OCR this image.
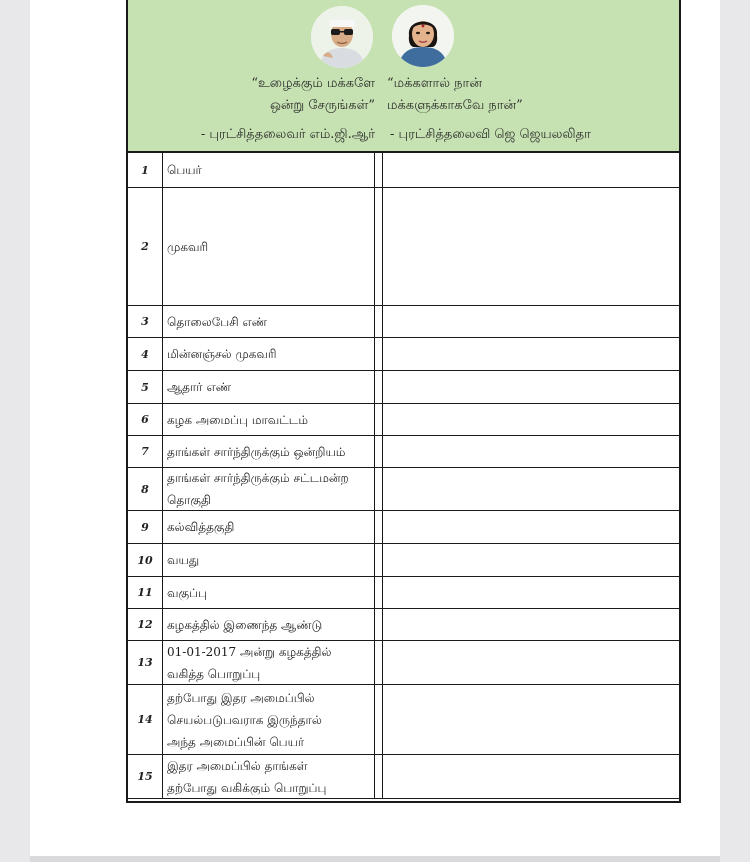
“உழைக்கும் மக்களே
ஒன்று சேருங்கள்”
“மக்களால் நான்
மக்களுக்காகவே நான்”
- புரட்சித்தலைவர் எம்.ஜி.ஆர் - புரட்சித்தலைவி ஜெ ஜெயலலிதா
1	பெயர்
2	முகவரி
3	தொலைபேசி எண்
4	மின்னஞ்சல் முகவரி
5	ஆதார் எண்
6	கழக அமைப்பு மாவட்டம்
7	தாங்கள் சார்ந்திருக்கும் ஒன்றியம்
8
தாங்கள் சார்ந்திருக்கும் சட்டமன்ற
தொகுதி
9	கல்வித்தகுதி
10	வயது
11	வகுப்பு
12	கழகத்தில் இணைந்த ஆண்டு
13
01-01-2017 அன்று கழகத்தில்
வகித்த பொறுப்பு
14
தற்போது இதர அமைப்பில்
செயல்படுபவராக இருந்தால்
அந்த அமைப்பின் பெயர்
15
இதர அமைப்பில் தாங்கள்
தற்போது வகிக்கும் பொறுப்பு
